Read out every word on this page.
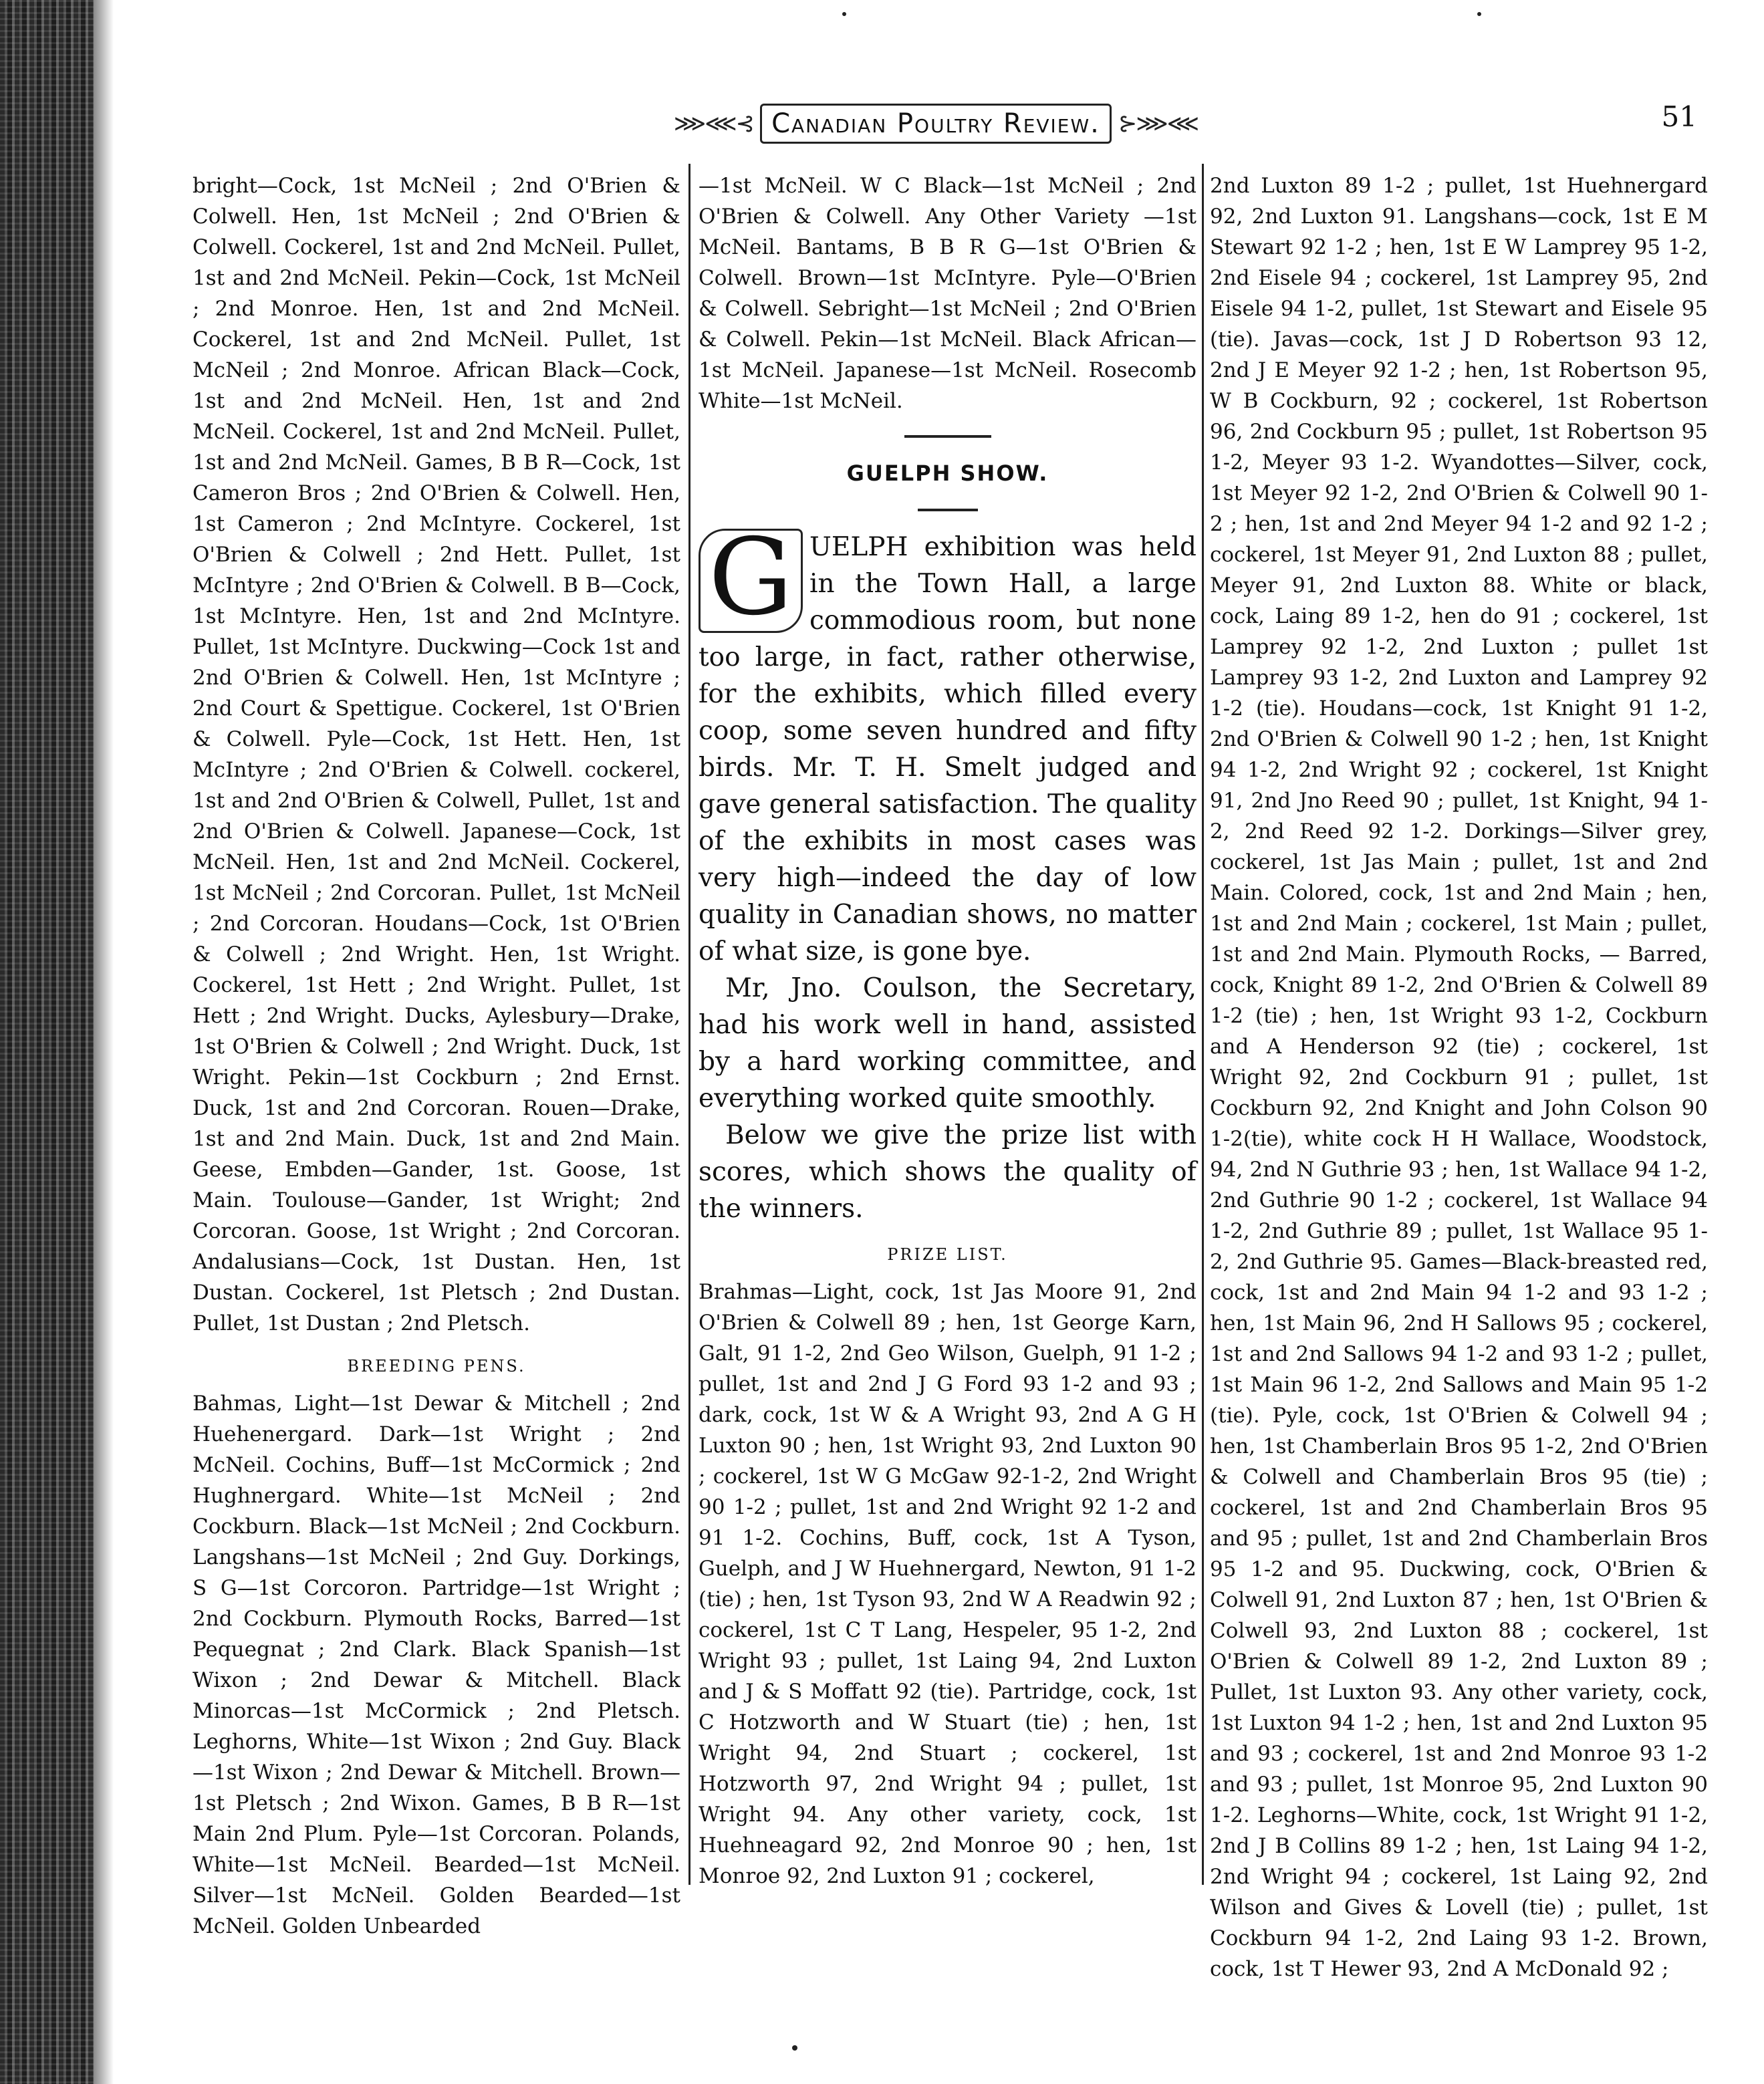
⋙⋘⊰ Canadian Poultry Review. ⊱⋙⋘	51

bright—Cock, 1st McNeil ; 2nd O'Brien & Colwell. Hen, 1st McNeil ; 2nd O'Brien & Colwell. Cockerel, 1st and 2nd McNeil. Pullet, 1st and 2nd McNeil. Pekin—Cock, 1st McNeil ; 2nd Monroe. Hen, 1st and 2nd McNeil. Cockerel, 1st and 2nd McNeil. Pullet, 1st McNeil ; 2nd Monroe. African Black—Cock, 1st and 2nd McNeil. Hen, 1st and 2nd McNeil. Cockerel, 1st and 2nd McNeil. Pullet, 1st and 2nd McNeil. Games, B B R—Cock, 1st Cameron Bros ; 2nd O'Brien & Colwell. Hen, 1st Cameron ; 2nd McIntyre. Cockerel, 1st O'Brien & Colwell ; 2nd Hett. Pullet, 1st McIntyre ; 2nd O'Brien & Colwell. B B—Cock, 1st McIntyre. Hen, 1st and 2nd McIntyre. Pullet, 1st McIntyre. Duckwing—Cock 1st and 2nd O'Brien & Colwell. Hen, 1st McIntyre ; 2nd Court & Spettigue. Cockerel, 1st O'Brien & Colwell. Pyle—Cock, 1st Hett. Hen, 1st McIntyre ; 2nd O'Brien & Colwell. cockerel, 1st and 2nd O'Brien & Colwell, Pullet, 1st and 2nd O'Brien & Colwell. Japanese—Cock, 1st McNeil. Hen, 1st and 2nd McNeil. Cockerel, 1st McNeil ; 2nd Corcoran. Pullet, 1st McNeil ; 2nd Corcoran. Houdans—Cock, 1st O'Brien & Colwell ; 2nd Wright. Hen, 1st Wright. Cockerel, 1st Hett ; 2nd Wright. Pullet, 1st Hett ; 2nd Wright. Ducks, Aylesbury—Drake, 1st O'Brien & Colwell ; 2nd Wright. Duck, 1st Wright. Pekin—1st Cockburn ; 2nd Ernst. Duck, 1st and 2nd Corcoran. Rouen—Drake, 1st and 2nd Main. Duck, 1st and 2nd Main. Geese, Embden—Gander, 1st. Goose, 1st Main. Toulouse—Gander, 1st Wright; 2nd Corcoran. Goose, 1st Wright ; 2nd Corcoran. Andalusians—Cock, 1st Dustan. Hen, 1st Dustan. Cockerel, 1st Pletsch ; 2nd Dustan. Pullet, 1st Dustan ; 2nd Pletsch.

BREEDING PENS.

Bahmas, Light—1st Dewar & Mitchell ; 2nd Huehenergard. Dark—1st Wright ; 2nd McNeil. Cochins, Buff—1st McCormick ; 2nd Hughnergard. White—1st McNeil ; 2nd Cockburn. Black—1st McNeil ; 2nd Cockburn. Langshans—1st McNeil ; 2nd Guy. Dorkings, S G—1st Corcoron. Partridge—1st Wright ; 2nd Cockburn. Plymouth Rocks, Barred—1st Pequegnat ; 2nd Clark. Black Spanish—1st Wixon ; 2nd Dewar & Mitchell. Black Minorcas—1st McCormick ; 2nd Pletsch. Leghorns, White—1st Wixon ; 2nd Guy. Black—1st Wixon ; 2nd Dewar & Mitchell. Brown—1st Pletsch ; 2nd Wixon. Games, B B R—1st Main 2nd Plum. Pyle—1st Corcoran. Polands, White—1st McNeil. Bearded—1st McNeil. Silver—1st McNeil. Golden Bearded—1st McNeil. Golden Unbearded

—1st McNeil. W C Black—1st McNeil ; 2nd O'Brien & Colwell. Any Other Variety —1st McNeil. Bantams, B B R G—1st O'Brien & Colwell. Brown—1st McIntyre. Pyle—O'Brien & Colwell. Sebright—1st McNeil ; 2nd O'Brien & Colwell. Pekin—1st McNeil. Black African—1st McNeil. Japanese—1st McNeil. Rosecomb White—1st McNeil.

GUELPH SHOW.

G UELPH exhibition was held in the Town Hall, a large commodious room, but none too large, in fact, rather otherwise, for the exhibits, which filled every coop, some seven hundred and fifty birds. Mr. T. H. Smelt judged and gave general satisfaction. The quality of the exhibits in most cases was very high—indeed the day of low quality in Canadian shows, no matter of what size, is gone bye.

Mr, Jno. Coulson, the Secretary, had his work well in hand, assisted by a hard working committee, and everything worked quite smoothly.

Below we give the prize list with scores, which shows the quality of the winners.

PRIZE LIST.

Brahmas—Light, cock, 1st Jas Moore 91, 2nd O'Brien & Colwell 89 ; hen, 1st George Karn, Galt, 91 1-2, 2nd Geo Wilson, Guelph, 91 1-2 ; pullet, 1st and 2nd J G Ford 93 1-2 and 93 ; dark, cock, 1st W & A Wright 93, 2nd A G H Luxton 90 ; hen, 1st Wright 93, 2nd Luxton 90 ; cockerel, 1st W G McGaw 92-1-2, 2nd Wright 90 1-2 ; pullet, 1st and 2nd Wright 92 1-2 and 91 1-2. Cochins, Buff, cock, 1st A Tyson, Guelph, and J W Huehnergard, Newton, 91 1-2 (tie) ; hen, 1st Tyson 93, 2nd W A Readwin 92 ; cockerel, 1st C T Lang, Hespeler, 95 1-2, 2nd Wright 93 ; pullet, 1st Laing 94, 2nd Luxton and J & S Moffatt 92 (tie). Partridge, cock, 1st C Hotzworth and W Stuart (tie) ; hen, 1st Wright 94, 2nd Stuart ; cockerel, 1st Hotzworth 97, 2nd Wright 94 ; pullet, 1st Wright 94. Any other variety, cock, 1st Huehneagard 92, 2nd Monroe 90 ; hen, 1st Monroe 92, 2nd Luxton 91 ; cockerel,

2nd Luxton 89 1-2 ; pullet, 1st Huehnergard 92, 2nd Luxton 91. Langshans—cock, 1st E M Stewart 92 1-2 ; hen, 1st E W Lamprey 95 1-2, 2nd Eisele 94 ; cockerel, 1st Lamprey 95, 2nd Eisele 94 1-2, pullet, 1st Stewart and Eisele 95 (tie). Javas—cock, 1st J D Robertson 93 12, 2nd J E Meyer 92 1-2 ; hen, 1st Robertson 95, W B Cockburn, 92 ; cockerel, 1st Robertson 96, 2nd Cockburn 95 ; pullet, 1st Robertson 95 1-2, Meyer 93 1-2. Wyandottes—Silver, cock, 1st Meyer 92 1-2, 2nd O'Brien & Colwell 90 1-2 ; hen, 1st and 2nd Meyer 94 1-2 and 92 1-2 ; cockerel, 1st Meyer 91, 2nd Luxton 88 ; pullet, Meyer 91, 2nd Luxton 88. White or black, cock, Laing 89 1-2, hen do 91 ; cockerel, 1st Lamprey 92 1-2, 2nd Luxton ; pullet 1st Lamprey 93 1-2, 2nd Luxton and Lamprey 92 1-2 (tie). Houdans—cock, 1st Knight 91 1-2, 2nd O'Brien & Colwell 90 1-2 ; hen, 1st Knight 94 1-2, 2nd Wright 92 ; cockerel, 1st Knight 91, 2nd Jno Reed 90 ; pullet, 1st Knight, 94 1-2, 2nd Reed 92 1-2. Dorkings—Silver grey, cockerel, 1st Jas Main ; pullet, 1st and 2nd Main. Colored, cock, 1st and 2nd Main ; hen, 1st and 2nd Main ; cockerel, 1st Main ; pullet, 1st and 2nd Main. Plymouth Rocks, — Barred, cock, Knight 89 1-2, 2nd O'Brien & Colwell 89 1-2 (tie) ; hen, 1st Wright 93 1-2, Cockburn and A Henderson 92 (tie) ; cockerel, 1st Wright 92, 2nd Cockburn 91 ; pullet, 1st Cockburn 92, 2nd Knight and John Colson 90 1-2(tie), white cock H H Wallace, Woodstock, 94, 2nd N Guthrie 93 ; hen, 1st Wallace 94 1-2, 2nd Guthrie 90 1-2 ; cockerel, 1st Wallace 94 1-2, 2nd Guthrie 89 ; pullet, 1st Wallace 95 1-2, 2nd Guthrie 95. Games—Black-breasted red, cock, 1st and 2nd Main 94 1-2 and 93 1-2 ; hen, 1st Main 96, 2nd H Sallows 95 ; cockerel, 1st and 2nd Sallows 94 1-2 and 93 1-2 ; pullet, 1st Main 96 1-2, 2nd Sallows and Main 95 1-2 (tie). Pyle, cock, 1st O'Brien & Colwell 94 ; hen, 1st Chamberlain Bros 95 1-2, 2nd O'Brien & Colwell and Chamberlain Bros 95 (tie) ; cockerel, 1st and 2nd Chamberlain Bros 95 and 95 ; pullet, 1st and 2nd Chamberlain Bros 95 1-2 and 95. Duckwing, cock, O'Brien & Colwell 91, 2nd Luxton 87 ; hen, 1st O'Brien & Colwell 93, 2nd Luxton 88 ; cockerel, 1st O'Brien & Colwell 89 1-2, 2nd Luxton 89 ; Pullet, 1st Luxton 93. Any other variety, cock, 1st Luxton 94 1-2 ; hen, 1st and 2nd Luxton 95 and 93 ; cockerel, 1st and 2nd Monroe 93 1-2 and 93 ; pullet, 1st Monroe 95, 2nd Luxton 90 1-2. Leghorns—White, cock, 1st Wright 91 1-2, 2nd J B Collins 89 1-2 ; hen, 1st Laing 94 1-2, 2nd Wright 94 ; cockerel, 1st Laing 92, 2nd Wilson and Gives & Lovell (tie) ; pullet, 1st Cockburn 94 1-2, 2nd Laing 93 1-2. Brown, cock, 1st T Hewer 93, 2nd A McDonald 92 ;
